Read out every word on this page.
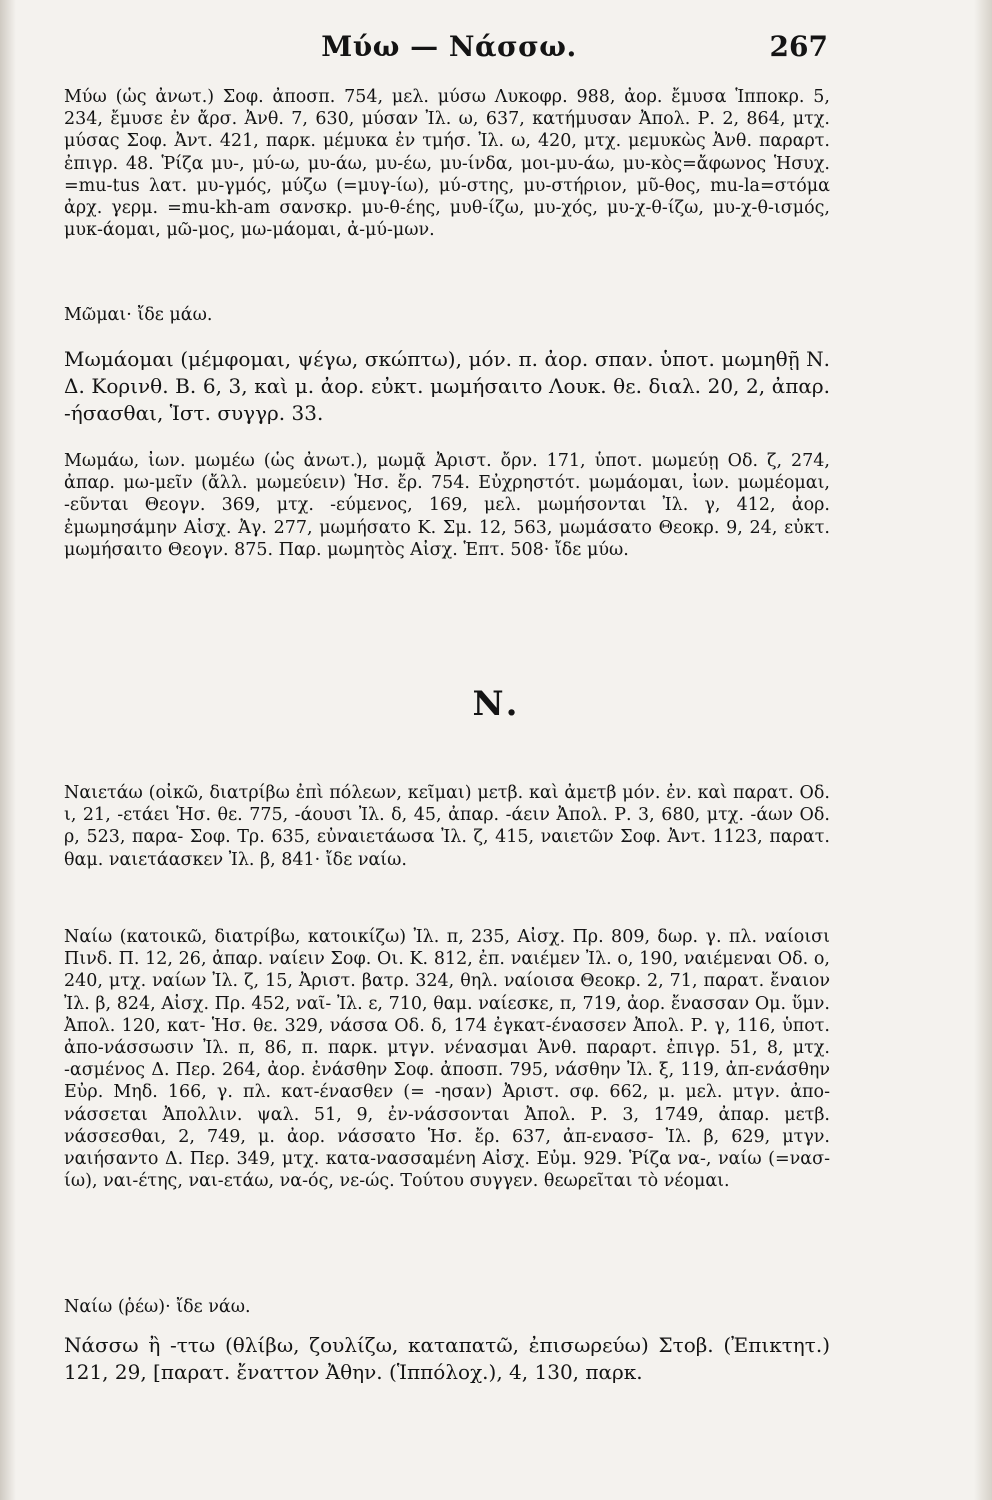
Μύω — Νάσσω.	267

Μύω (ὡς ἀνωτ.) Σοφ. ἀποσπ. 754, μελ. μύσω Λυκοφρ. 988, ἀορ. ἔμυσα Ἱπποκρ. 5, 234, ἔμυσε ἐν ἄρσ. Ἀνθ. 7, 630, μύσαν Ἰλ. ω, 637, κατήμυσαν Ἀπολ. Ρ. 2, 864, μτχ. μύσας Σοφ. Ἀντ. 421, παρκ. μέμυκα ἐν τμήσ. Ἰλ. ω, 420, μτχ. μεμυκὼς Ἀνθ. παραρτ. ἐπιγρ. 48. Ῥίζα μυ-, μύ-ω, μυ-άω, μυ-έω, μυ-ίνδα, μοι-μυ-άω, μυ-κὸς=ἄφωνος Ἡσυχ. =mu-tus λατ. μυ-γμός, μύζω (=μυγ-ίω), μύ-στης, μυ-στήριον, μῦ-θος, mu-la=στόμα ἀρχ. γερμ. =mu-kh-am σανσκρ. μυ-θ-έης, μυθ-ίζω, μυ-χός, μυ-χ-θ-ίζω, μυ-χ-θ-ισμός, μυκ-άομαι, μῶ-μος, μω-μάομαι, ἀ-μύ-μων.

Μῶμαι· ἴδε μάω.

Μωμάομαι (μέμφομαι, ψέγω, σκώπτω), μόν. π. ἀορ. σπαν. ὑποτ. μωμηθῇ Ν. Δ. Κορινθ. Β. 6, 3, καὶ μ. ἀορ. εὐκτ. μωμήσαιτο Λουκ. θε. διαλ. 20, 2, ἀπαρ. -ήσασθαι, Ἱστ. συγγρ. 33.

Μωμάω, ἰων. μωμέω (ὡς ἀνωτ.), μωμᾷ Ἀριστ. ὄρν. 171, ὑποτ. μωμεύῃ Οδ. ζ, 274, ἀπαρ. μω-μεῖν (ἄλλ. μωμεύειν) Ἡσ. ἔρ. 754. Εὐχρηστότ. μωμάομαι, ἰων. μωμέομαι, -εῦνται Θεογν. 369, μτχ. -εύμενος, 169, μελ. μωμήσονται Ἰλ. γ, 412, ἀορ. ἐμωμησάμην Αἰσχ. Ἀγ. 277, μωμήσατο Κ. Σμ. 12, 563, μωμάσατο Θεοκρ. 9, 24, εὐκτ. μωμήσαιτο Θεογν. 875. Παρ. μωμητὸς Αἰσχ. Ἑπτ. 508· ἴδε μύω.

Ν.

Ναιετάω (οἰκῶ, διατρίβω ἐπὶ πόλεων, κεῖμαι) μετβ. καὶ ἀμετβ μόν. ἐν. καὶ παρατ. Οδ. ι, 21, -ετάει Ἡσ. θε. 775, -άουσι Ἰλ. δ, 45, ἀπαρ. -άειν Ἀπολ. Ρ. 3, 680, μτχ. -άων Οδ. ρ, 523, παρα- Σοφ. Τρ. 635, εὐναιετάωσα Ἰλ. ζ, 415, ναιετῶν Σοφ. Ἀντ. 1123, παρατ. θαμ. ναιετάασκεν Ἰλ. β, 841· ἴδε ναίω.

Ναίω (κατοικῶ, διατρίβω, κατοικίζω) Ἰλ. π, 235, Αἰσχ. Πρ. 809, δωρ. γ. πλ. ναίοισι Πινδ. Π. 12, 26, ἀπαρ. ναίειν Σοφ. Οι. Κ. 812, ἐπ. ναιέμεν Ἰλ. ο, 190, ναιέμεναι Οδ. ο, 240, μτχ. ναίων Ἰλ. ζ, 15, Ἀριστ. βατρ. 324, θηλ. ναίοισα Θεοκρ. 2, 71, παρατ. ἔναιον Ἰλ. β, 824, Αἰσχ. Πρ. 452, ναῖ- Ἰλ. ε, 710, θαμ. ναίεσκε, π, 719, ἀορ. ἔνασσαν Ομ. ὕμν. Ἀπολ. 120, κατ- Ἡσ. θε. 329, νάσσα Οδ. δ, 174 ἐγκατ-ένασσεν Ἀπολ. Ρ. γ, 116, ὑποτ. ἀπο-νάσσωσιν Ἰλ. π, 86, π. παρκ. μτγν. νένασμαι Ἀνθ. παραρτ. ἐπιγρ. 51, 8, μτχ. -ασμένος Δ. Περ. 264, ἀορ. ἐνάσθην Σοφ. ἀποσπ. 795, νάσθην Ἰλ. ξ, 119, ἀπ-ενάσθην Εὐρ. Μηδ. 166, γ. πλ. κατ-ένασθεν (= -ησαν) Ἀριστ. σφ. 662, μ. μελ. μτγν. ἀπο-νάσσεται Ἀπολλιν. ψαλ. 51, 9, ἐν-νάσσονται Ἀπολ. Ρ. 3, 1749, ἀπαρ. μετβ. νάσσεσθαι, 2, 749, μ. ἀορ. νάσσατο Ἡσ. ἔρ. 637, ἀπ-ενασσ- Ἰλ. β, 629, μτγν. ναιήσαντο Δ. Περ. 349, μτχ. κατα-νασσαμένη Αἰσχ. Εὐμ. 929. Ῥίζα να-, ναίω (=νασ-ίω), ναι-έτης, ναι-ετάω, να-ός, νε-ώς. Τούτου συγγεν. θεωρεῖται τὸ νέομαι.

Ναίω (ῥέω)· ἴδε νάω.

Νάσσω ἢ -ττω (θλίβω, ζουλίζω, καταπατῶ, ἐπισωρεύω) Στοβ. (Ἐπικτητ.) 121, 29, [παρατ. ἔναττον Ἀθην. (Ἱππόλοχ.), 4, 130, παρκ.
